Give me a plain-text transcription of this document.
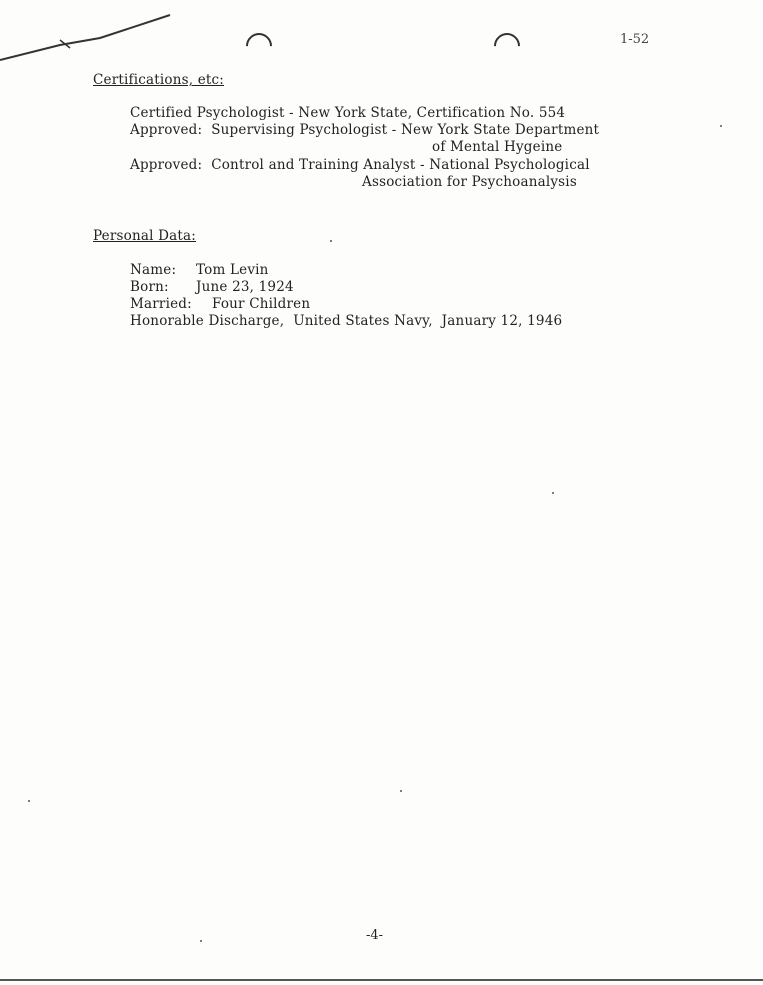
1-52
Certifications, etc:
Certified Psychologist - New York State, Certification No. 554
Approved:  Supervising Psychologist - New York State Department
of Mental Hygeine
Approved:  Control and Training Analyst - National Psychological
Association for Psychoanalysis
Personal Data:
Name: Tom Levin
Born: June 23, 1924
Married: Four Children
Honorable Discharge,  United States Navy,  January 12, 1946
-4-
